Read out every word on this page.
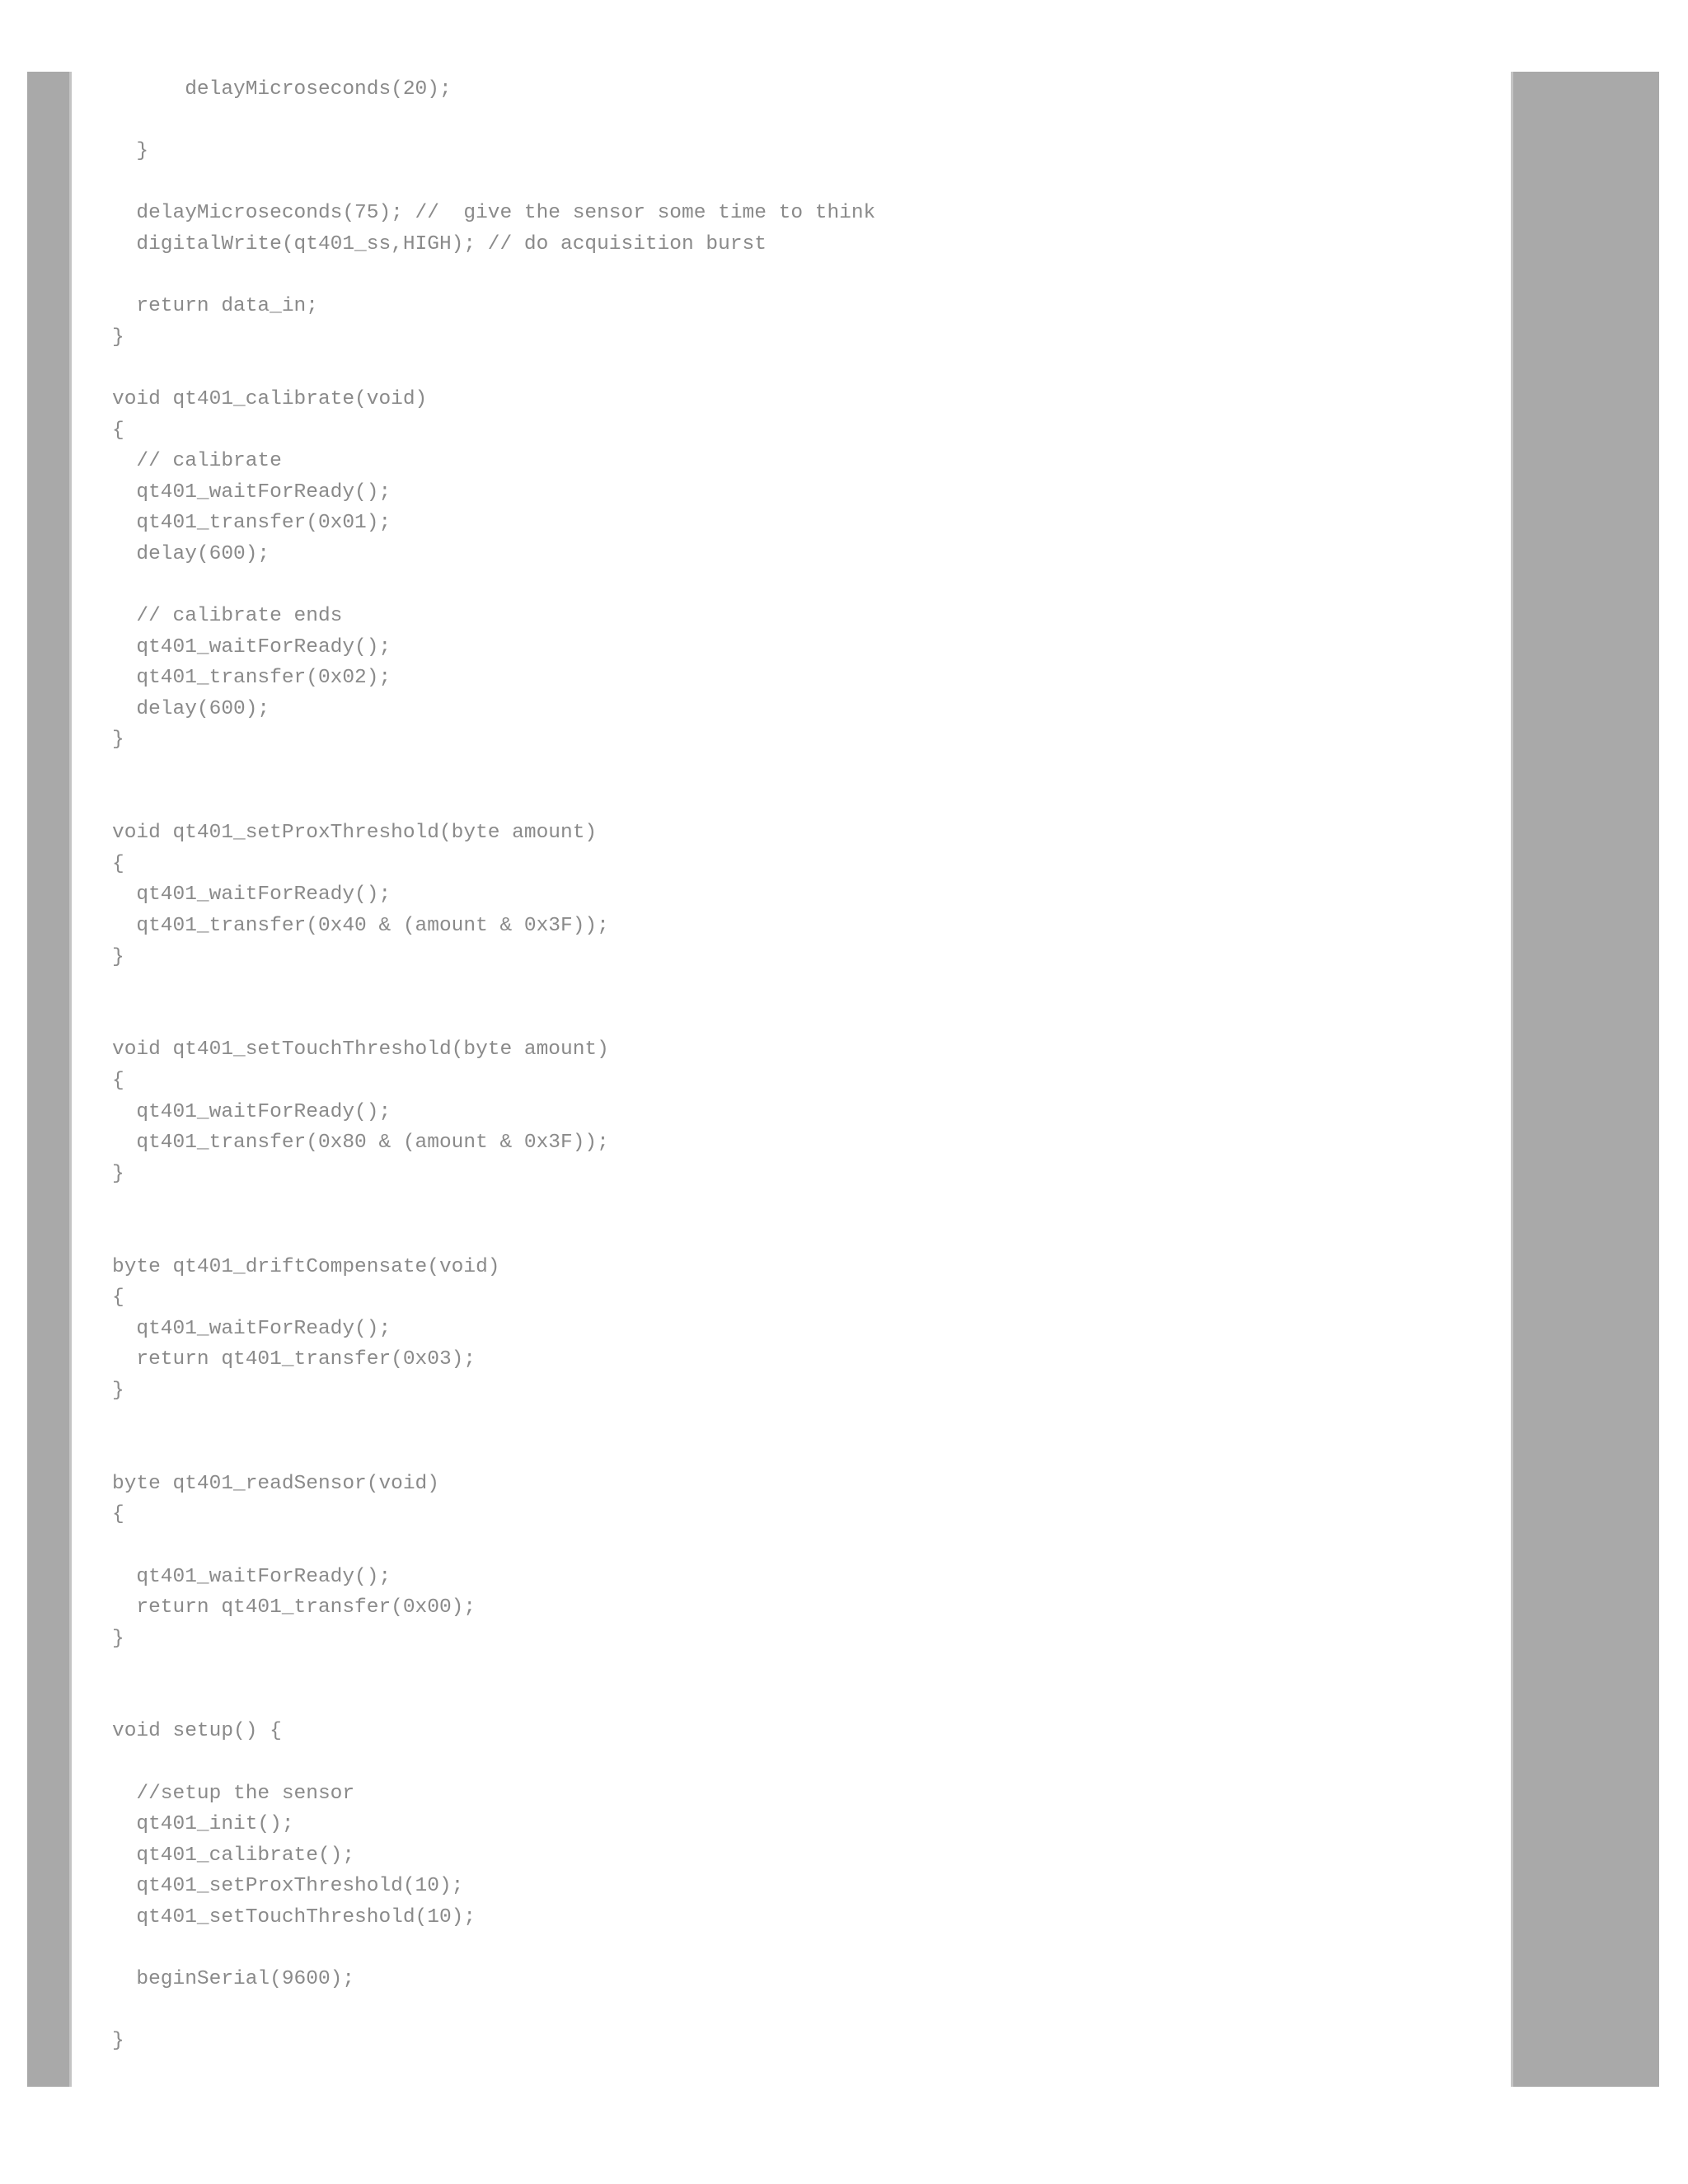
delayMicroseconds(20);
}
delayMicroseconds(75); //  give the sensor some time to think
digitalWrite(qt401_ss,HIGH); // do acquisition burst
return data_in;
}
void qt401_calibrate(void)
{
// calibrate
qt401_waitForReady();
qt401_transfer(0x01);
delay(600);
// calibrate ends
qt401_waitForReady();
qt401_transfer(0x02);
delay(600);
}
void qt401_setProxThreshold(byte amount)
{
qt401_waitForReady();
qt401_transfer(0x40 & (amount & 0x3F));
}
void qt401_setTouchThreshold(byte amount)
{
qt401_waitForReady();
qt401_transfer(0x80 & (amount & 0x3F));
}
byte qt401_driftCompensate(void)
{
qt401_waitForReady();
return qt401_transfer(0x03);
}
byte qt401_readSensor(void)
{
qt401_waitForReady();
return qt401_transfer(0x00);
}
void setup() {
//setup the sensor
qt401_init();
qt401_calibrate();
qt401_setProxThreshold(10);
qt401_setTouchThreshold(10);
beginSerial(9600);
}
